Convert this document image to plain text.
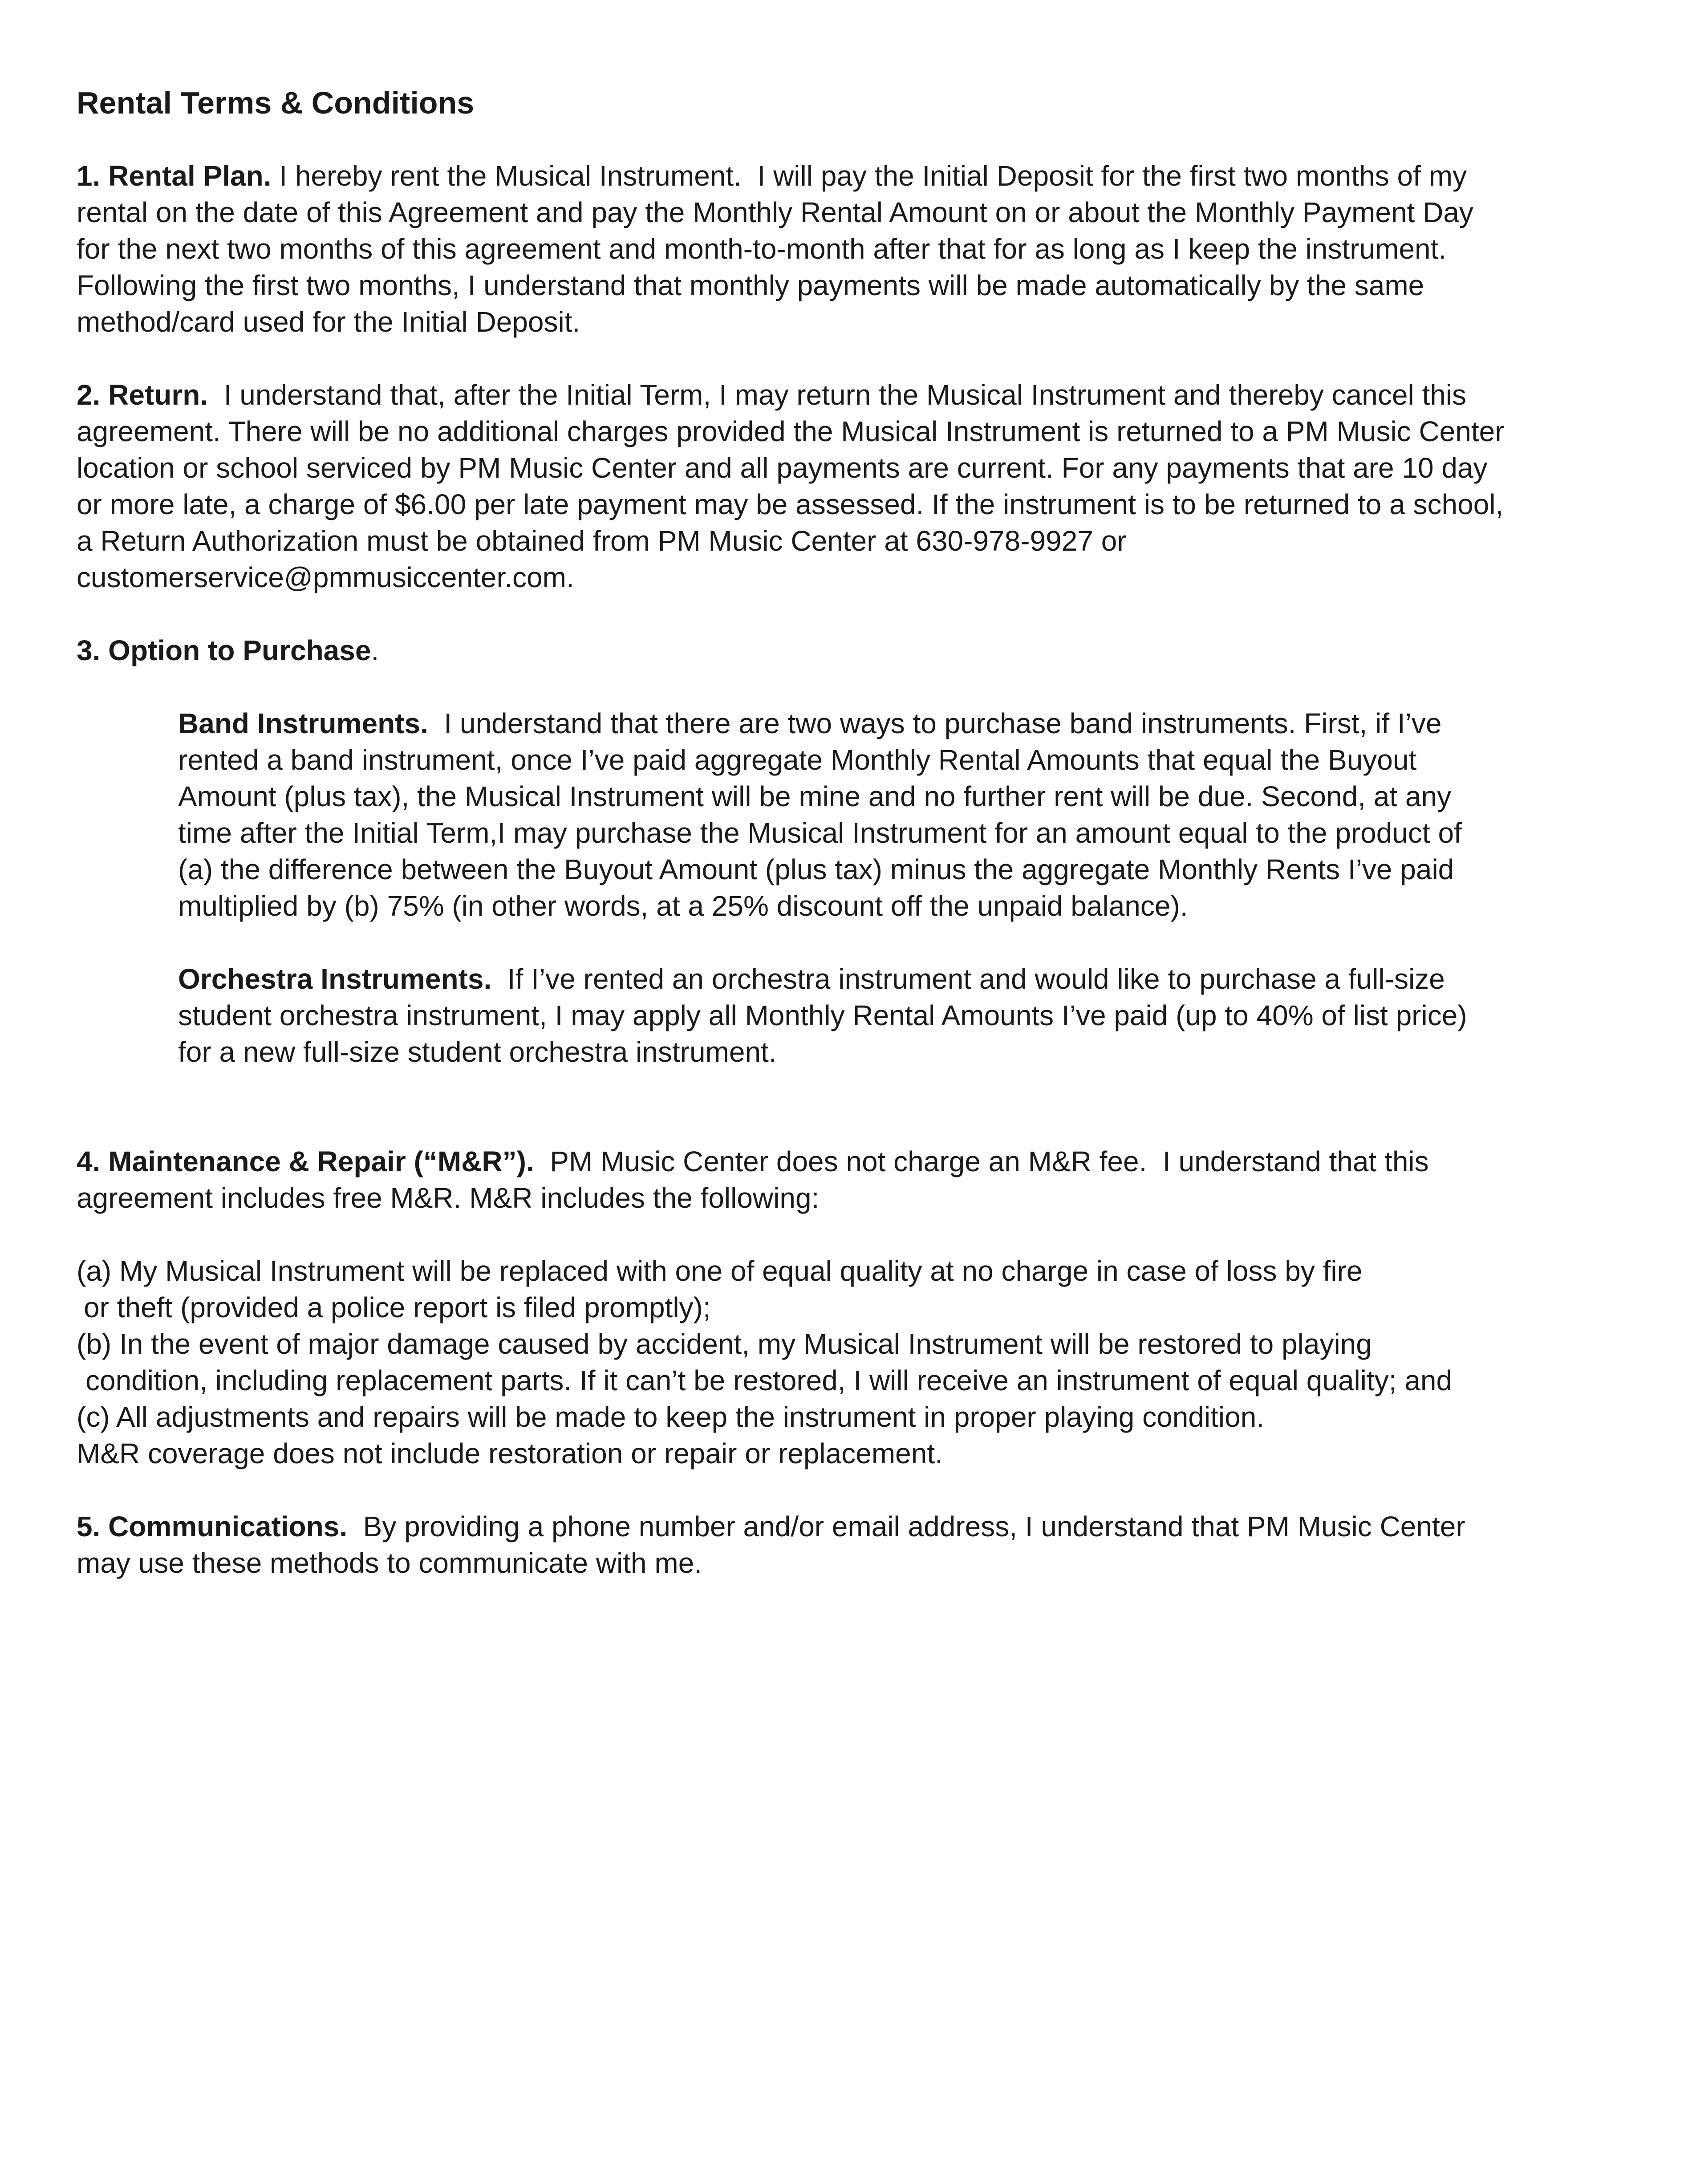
Rental Terms & Conditions
1. Rental Plan. I hereby rent the Musical Instrument.  I will pay the Initial Deposit for the first two months of my
rental on the date of this Agreement and pay the Monthly Rental Amount on or about the Monthly Payment Day
for the next two months of this agreement and month-to-month after that for as long as I keep the instrument.
Following the first two months, I understand that monthly payments will be made automatically by the same
method/card used for the Initial Deposit.
2. Return.  I understand that, after the Initial Term, I may return the Musical Instrument and thereby cancel this
agreement. There will be no additional charges provided the Musical Instrument is returned to a PM Music Center
location or school serviced by PM Music Center and all payments are current. For any payments that are 10 day
or more late, a charge of $6.00 per late payment may be assessed. If the instrument is to be returned to a school,
a Return Authorization must be obtained from PM Music Center at 630-978-9927 or
customerservice@pmmusiccenter.com.
3. Option to Purchase.
Band Instruments.  I understand that there are two ways to purchase band instruments. First, if I’ve
rented a band instrument, once I’ve paid aggregate Monthly Rental Amounts that equal the Buyout
Amount (plus tax), the Musical Instrument will be mine and no further rent will be due. Second, at any
time after the Initial Term,I may purchase the Musical Instrument for an amount equal to the product of
(a) the difference between the Buyout Amount (plus tax) minus the aggregate Monthly Rents I’ve paid
multiplied by (b) 75% (in other words, at a 25% discount off the unpaid balance).
Orchestra Instruments.  If I’ve rented an orchestra instrument and would like to purchase a full-size
student orchestra instrument, I may apply all Monthly Rental Amounts I’ve paid (up to 40% of list price)
for a new full-size student orchestra instrument.
4. Maintenance & Repair (“M&R”).  PM Music Center does not charge an M&R fee.  I understand that this
agreement includes free M&R. M&R includes the following:
(a) My Musical Instrument will be replaced with one of equal quality at no charge in case of loss by fire
or theft (provided a police report is filed promptly);
(b) In the event of major damage caused by accident, my Musical Instrument will be restored to playing
condition, including replacement parts. If it can’t be restored, I will receive an instrument of equal quality; and
(c) All adjustments and repairs will be made to keep the instrument in proper playing condition.
M&R coverage does not include restoration or repair or replacement.
5. Communications.  By providing a phone number and/or email address, I understand that PM Music Center
may use these methods to communicate with me.
